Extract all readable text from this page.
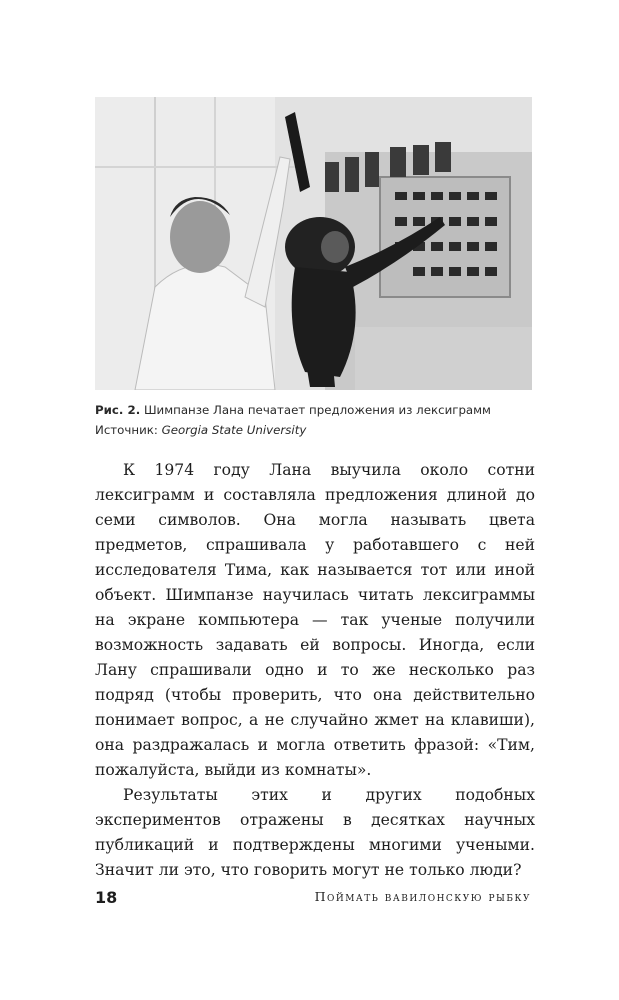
Рис. 2. Шимпанзе Лана печатает предложения из лексиграмм
Источник: Georgia State University

К 1974 году Лана выучила около сотни лексиграмм и составляла предложения длиной до семи символов. Она могла называть цвета предметов, спрашивала у работавшего с ней исследователя Тима, как называется тот или иной объект. Шимпанзе научилась читать лексиграммы на экране компьютера — так ученые получили возможность задавать ей вопросы. Иногда, если Лану спрашивали одно и то же несколько раз подряд (чтобы проверить, что она действительно понимает вопрос, а не случайно жмет на клавиши), она раздражалась и могла ответить фразой: «Тим, пожалуйста, выйди из комнаты».

Результаты этих и других подобных экспериментов отражены в десятках научных публикаций и подтверждены многими учеными. Значит ли это, что говорить могут не только люди?

18	Поймать вавилонскую рыбку
